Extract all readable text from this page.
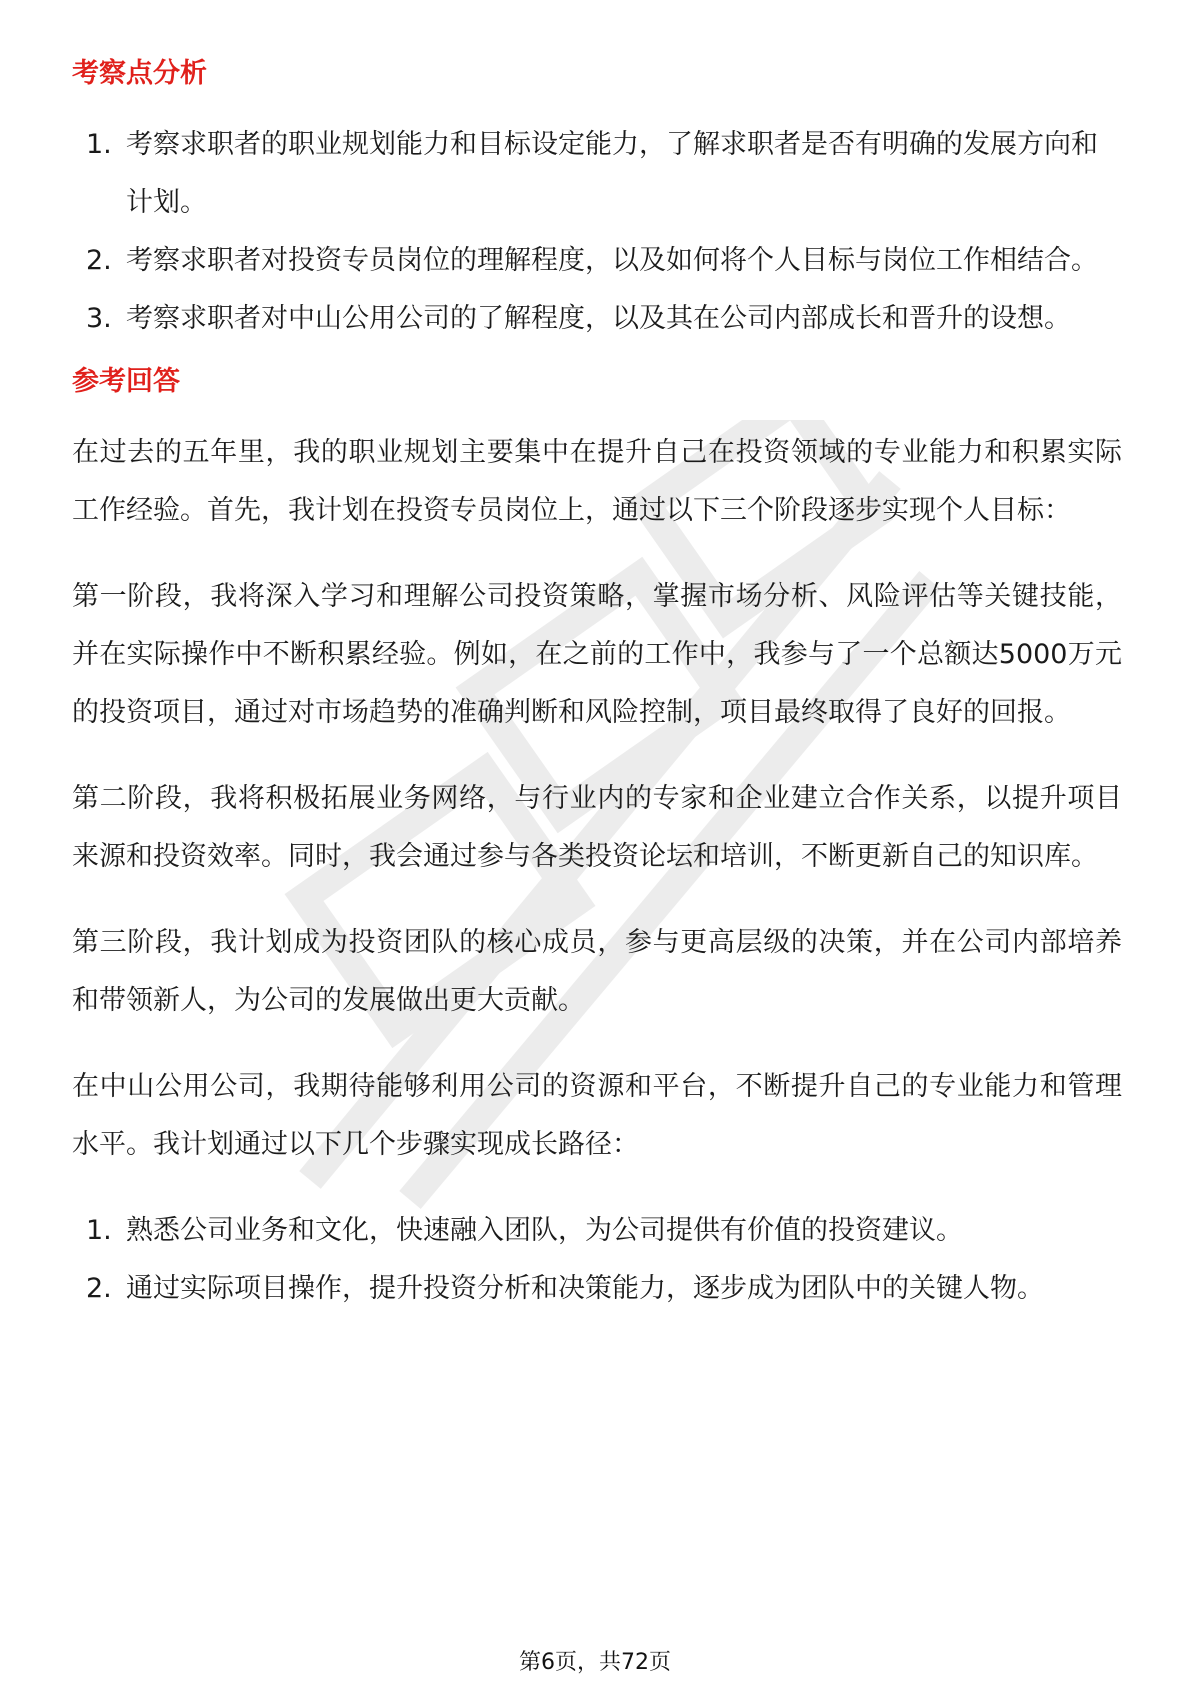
考察点分析
1. 考察求职者的职业规划能力和目标设定能力，了解求职者是否有明确的发展方向和计划。
2. 考察求职者对投资专员岗位的理解程度，以及如何将个人目标与岗位工作相结合。
3. 考察求职者对中山公用公司的了解程度，以及其在公司内部成长和晋升的设想。
参考回答

在过去的五年里，我的职业规划主要集中在提升自己在投资领域的专业能力和积累实际工作经验。首先，我计划在投资专员岗位上，通过以下三个阶段逐步实现个人目标：

第一阶段，我将深入学习和理解公司投资策略，掌握市场分析、风险评估等关键技能，并在实际操作中不断积累经验。例如，在之前的工作中，我参与了一个总额达5000万元的投资项目，通过对市场趋势的准确判断和风险控制，项目最终取得了良好的回报。

第二阶段，我将积极拓展业务网络，与行业内的专家和企业建立合作关系，以提升项目来源和投资效率。同时，我会通过参与各类投资论坛和培训，不断更新自己的知识库。

第三阶段，我计划成为投资团队的核心成员，参与更高层级的决策，并在公司内部培养和带领新人，为公司的发展做出更大贡献。

在中山公用公司，我期待能够利用公司的资源和平台，不断提升自己的专业能力和管理水平。我计划通过以下几个步骤实现成长路径：

1. 熟悉公司业务和文化，快速融入团队，为公司提供有价值的投资建议。
2. 通过实际项目操作，提升投资分析和决策能力，逐步成为团队中的关键人物。
第6页，共72页
